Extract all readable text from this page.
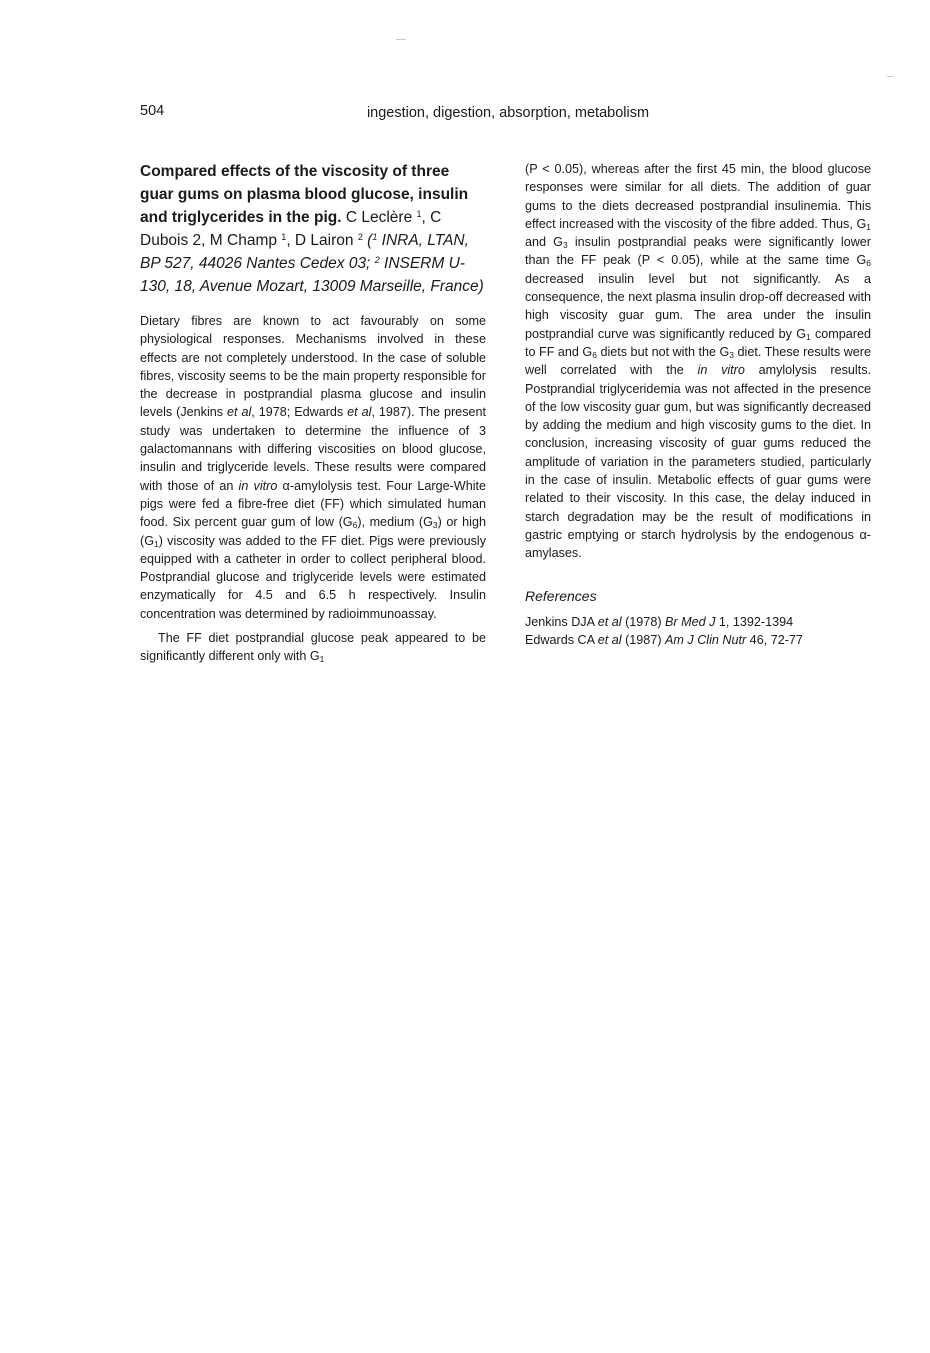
504	ingestion, digestion, absorption, metabolism

Compared effects of the viscosity of three guar gums on plasma blood glucose, insulin and triglycerides in the pig. C Leclère $^1$, C Dubois 2, M Champ $^1$, D Lairon $^2$ ($^1$ INRA, LTAN, BP 527, 44026 Nantes Cedex 03; $^2$ INSERM U-130, 18, Avenue Mozart, 13009 Marseille, France)

Dietary fibres are known to act favourably on some physiological responses. Mechanisms involved in these effects are not completely understood. In the case of soluble fibres, viscosity seems to be the main property responsible for the decrease in postprandial plasma glucose and insulin levels (Jenkins et al, 1978; Edwards et al, 1987). The present study was undertaken to determine the influence of 3 galactomannans with differing viscosities on blood glucose, insulin and triglyceride levels. These results were compared with those of an in vitro α-amylolysis test. Four Large-White pigs were fed a fibre-free diet (FF) which simulated human food. Six percent guar gum of low $(G_6)$, medium $(G_3)$ or high $(G_1)$ viscosity was added to the FF diet. Pigs were previously equipped with a catheter in order to collect peripheral blood. Postprandial glucose and triglyceride levels were estimated enzymatically for 4.5 and 6.5 h respectively. Insulin concentration was determined by radioimmunoassay.

The FF diet postprandial glucose peak appeared to be significantly different only with $G_1$

(P < 0.05), whereas after the first 45 min, the blood glucose responses were similar for all diets. The addition of guar gums to the diets decreased postprandial insulinemia. This effect increased with the viscosity of the fibre added. Thus, $G_1$ and $G_3$ insulin postprandial peaks were significantly lower than the FF peak (P < 0.05), while at the same time $G_6$ decreased insulin level but not significantly. As a consequence, the next plasma insulin drop-off decreased with high viscosity guar gum. The area under the insulin postprandial curve was significantly reduced by $G_1$ compared to FF and $G_6$ diets but not with the $G_3$ diet. These results were well correlated with the in vitro amylolysis results. Postprandial triglyceridemia was not affected in the presence of the low viscosity guar gum, but was significantly decreased by adding the medium and high viscosity gums to the diet. In conclusion, increasing viscosity of guar gums reduced the amplitude of variation in the parameters studied, particularly in the case of insulin. Metabolic effects of guar gums were related to their viscosity. In this case, the delay induced in starch degradation may be the result of modifications in gastric emptying or starch hydrolysis by the endogenous α-amylases.

References

Jenkins DJA et al (1978) Br Med J 1, 1392-1394

Edwards CA et al (1987) Am J Clin Nutr 46, 72-77
